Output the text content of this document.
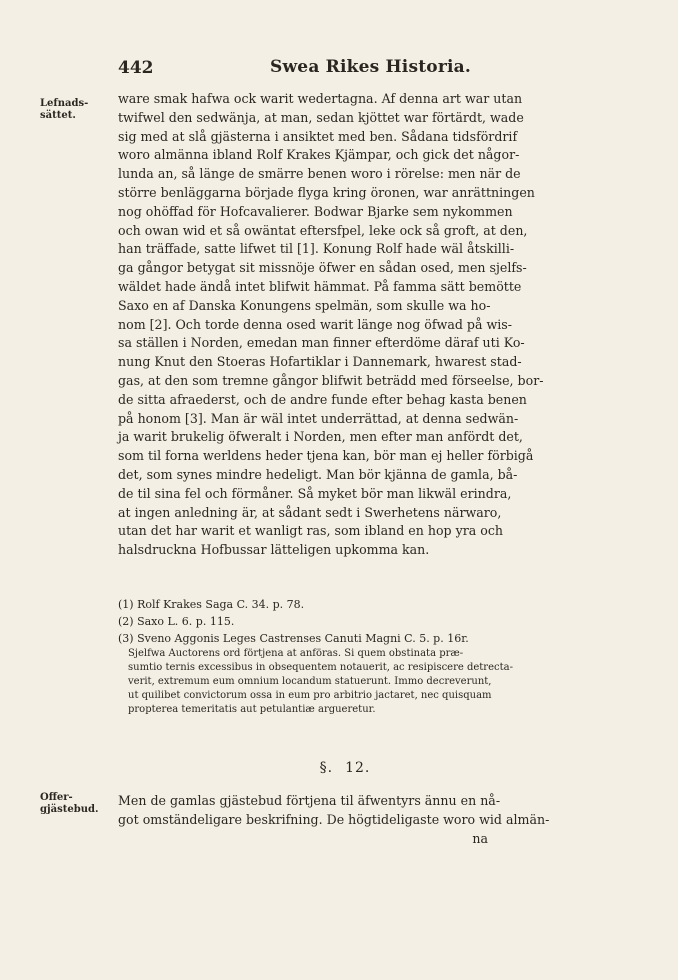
442	Swea Rikes Historia.
Lefnads-sättet.
ware smak hafwa ock warit wedertagna. Af denna art war utan
twifwel den sedwänja, at man, sedan kjöttet war förtärdt, wade
sig med at slå gjästerna i ansiktet med ben. Sådana tidsfördrif
woro almänna ibland Rolf Krakes Kjämpar, och gick det någor-
lunda an, så länge de smärre benen woro i rörelse: men när de
större benläggarna började flyga kring öronen, war anrättningen
nog ohöffad för Hofcavalierer. Bodwar Bjarke sem nykommen
och owan wid et så owäntat eftersfpel, leke ock så groft, at den,
han träffade, satte lifwet til [1]. Konung Rolf hade wäl åtskilli-
ga gångor betygat sit missnöje öfwer en sådan osed, men sjelfs-
wäldet hade ändå intet blifwit hämmat. På famma sätt bemötte
Saxo en af Danska Konungens spelmän, som skulle wa ho-
nom [2]. Och torde denna osed warit länge nog öfwad på wis-
sa ställen i Norden, emedan man finner efterdöme däraf uti Ko-
nung Knut den Stoeras Hofartiklar i Dannemark, hwarest stad-
gas, at den som tremne gångor blifwit beträdd med förseelse, bor-
de sitta afraederst, och de andre funde efter behag kasta benen
på honom [3]. Man är wäl intet underrättad, at denna sedwän-
ja warit brukelig öfweralt i Norden, men efter man anfördt det,
som til forna werldens heder tjena kan, bör man ej heller förbigå
det, som synes mindre hedeligt. Man bör kjänna de gamla, bå-
de til sina fel och förmåner. Så myket bör man likwäl erindra,
at ingen anledning är, at sådant sedt i Swerhetens närwaro,
utan det har warit et wanligt ras, som ibland en hop yra och
halsdruckna Hofbussar lätteligen upkomma kan.
(1) Rolf Krakes Saga C. 34. p. 78.
(2) Saxo L. 6. p. 115.
(3) Sveno Aggonis Leges Castrenses Canuti Magni C. 5. p. 16r.
Sjelfwa Auctorens ord förtjena at anföras. Si quem obstinata præ-
sumtio ternis excessibus in obsequentem notauerit, ac resipiscere detrecta-
verit, extremum eum omnium locandum statuerunt. Immo decreverunt,
ut quilibet convictorum ossa in eum pro arbitrio jactaret, nec quisquam
propterea temeritatis aut petulantiæ argueretur.
§. 12.
Offer-gjästebud.
Men de gamlas gjästebud förtjena til äfwentyrs ännu en nå-
got omständeligare beskrifning. De högtideligaste woro wid almän-
na
